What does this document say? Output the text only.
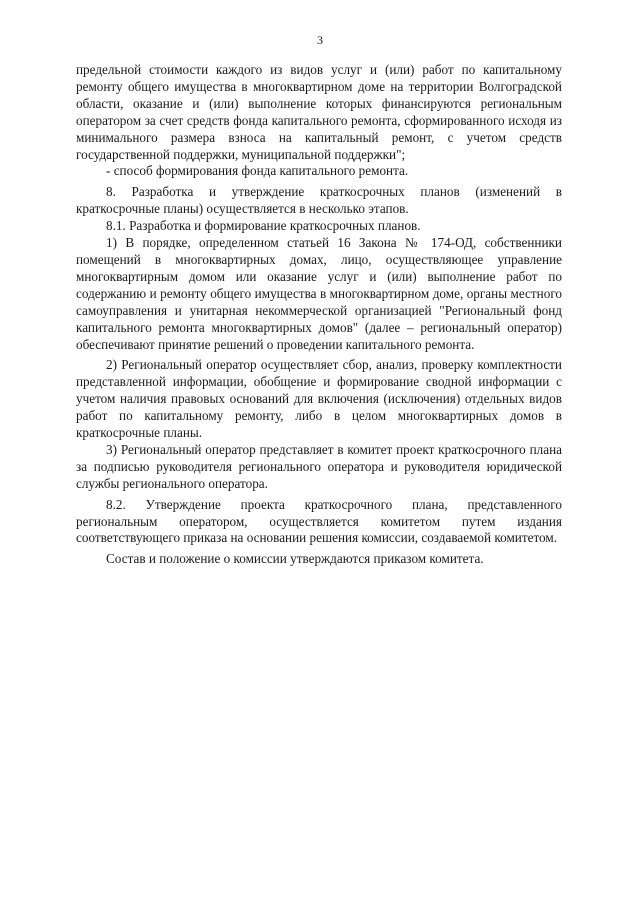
3

предельной стоимости каждого из видов услуг и (или) работ по капитальному ремонту общего имущества в многоквартирном доме на территории Волгоградской области, оказание и (или) выполнение которых финансируются региональным оператором за счет средств фонда капитального ремонта, сформированного исходя из минимального размера взноса на капитальный ремонт, с учетом средств государственной поддержки, муниципальной поддержки";

- способ формирования фонда капитального ремонта.

8. Разработка и утверждение краткосрочных планов (изменений в краткосрочные планы) осуществляется в несколько этапов.

8.1. Разработка и формирование краткосрочных планов.

1) В порядке, определенном статьей 16 Закона № 174-ОД, собственники помещений в многоквартирных домах, лицо, осуществляющее управление многоквартирным домом или оказание услуг и (или) выполнение работ по содержанию и ремонту общего имущества в многоквартирном доме, органы местного самоуправления и унитарная некоммерческой организацией "Региональный фонд капитального ремонта многоквартирных домов" (далее – региональный оператор) обеспечивают принятие решений о проведении капитального ремонта.

2) Региональный оператор осуществляет сбор, анализ, проверку комплектности представленной информации, обобщение и формирование сводной информации с учетом наличия правовых оснований для включения (исключения) отдельных видов работ по капитальному ремонту, либо в целом многоквартирных домов в краткосрочные планы.

3) Региональный оператор представляет в комитет проект краткосрочного плана за подписью руководителя регионального оператора и руководителя юридической службы регионального оператора.

8.2. Утверждение проекта краткосрочного плана, представленного региональным оператором, осуществляется комитетом путем издания соответствующего приказа на основании решения комиссии, создаваемой комитетом.

Состав и положение о комиссии утверждаются приказом комитета.
